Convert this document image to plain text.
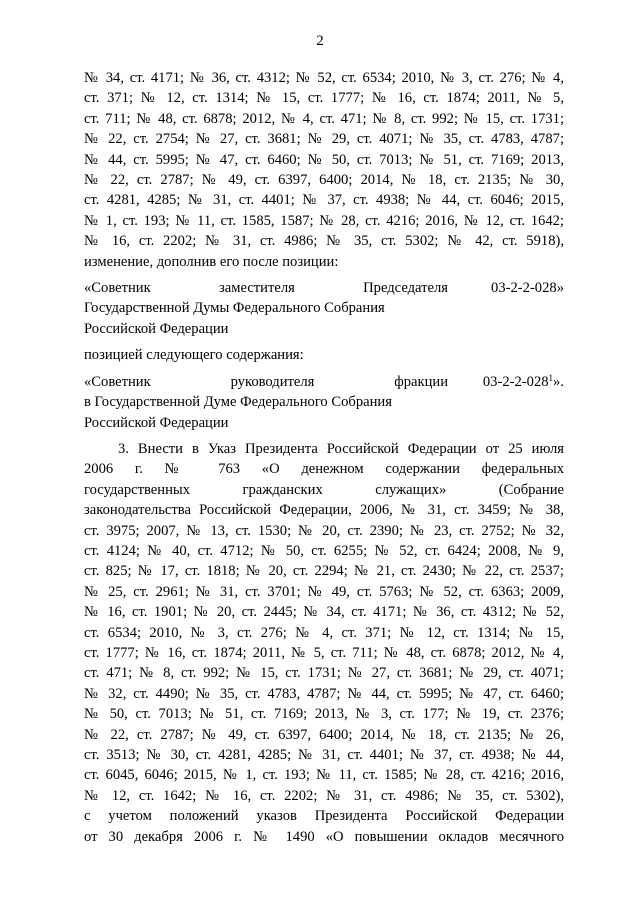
2
№ 34, ст. 4171; № 36, ст. 4312; № 52, ст. 6534; 2010, № 3, ст. 276; № 4,
ст. 371; № 12, ст. 1314; № 15, ст. 1777; № 16, ст. 1874; 2011, № 5,
ст. 711; № 48, ст. 6878; 2012, № 4, ст. 471; № 8, ст. 992; № 15, ст. 1731;
№ 22, ст. 2754; № 27, ст. 3681; № 29, ст. 4071; № 35, ст. 4783, 4787;
№ 44, ст. 5995; № 47, ст. 6460; № 50, ст. 7013; № 51, ст. 7169; 2013,
№ 22, ст. 2787; № 49, ст. 6397, 6400; 2014, № 18, ст. 2135; № 30,
ст. 4281, 4285; № 31, ст. 4401; № 37, ст. 4938; № 44, ст. 6046; 2015,
№ 1, ст. 193; № 11, ст. 1585, 1587; № 28, ст. 4216; 2016, № 12, ст. 1642;
№ 16, ст. 2202; № 31, ст. 4986; № 35, ст. 5302; № 42, ст. 5918),
изменение, дополнив его после позиции:
«Советник заместителя Председателя
Государственной Думы Федерального Собрания
Российской Федерации
03-2-2-028»
позицией следующего содержания:
«Советник руководителя фракции
в Государственной Думе Федерального Собрания
Российской Федерации
$03-2-2-028^1$».
3. Внести в Указ Президента Российской Федерации от 25 июля
2006 г. № 763 «О денежном содержании федеральных
государственных гражданских служащих» (Собрание
законодательства Российской Федерации, 2006, № 31, ст. 3459; № 38,
ст. 3975; 2007, № 13, ст. 1530; № 20, ст. 2390; № 23, ст. 2752; № 32,
ст. 4124; № 40, ст. 4712; № 50, ст. 6255; № 52, ст. 6424; 2008, № 9,
ст. 825; № 17, ст. 1818; № 20, ст. 2294; № 21, ст. 2430; № 22, ст. 2537;
№ 25, ст. 2961; № 31, ст. 3701; № 49, ст. 5763; № 52, ст. 6363; 2009,
№ 16, ст. 1901; № 20, ст. 2445; № 34, ст. 4171; № 36, ст. 4312; № 52,
ст. 6534; 2010, № 3, ст. 276; № 4, ст. 371; № 12, ст. 1314; № 15,
ст. 1777; № 16, ст. 1874; 2011, № 5, ст. 711; № 48, ст. 6878; 2012, № 4,
ст. 471; № 8, ст. 992; № 15, ст. 1731; № 27, ст. 3681; № 29, ст. 4071;
№ 32, ст. 4490; № 35, ст. 4783, 4787; № 44, ст. 5995; № 47, ст. 6460;
№ 50, ст. 7013; № 51, ст. 7169; 2013, № 3, ст. 177; № 19, ст. 2376;
№ 22, ст. 2787; № 49, ст. 6397, 6400; 2014, № 18, ст. 2135; № 26,
ст. 3513; № 30, ст. 4281, 4285; № 31, ст. 4401; № 37, ст. 4938; № 44,
ст. 6045, 6046; 2015, № 1, ст. 193; № 11, ст. 1585; № 28, ст. 4216; 2016,
№ 12, ст. 1642; № 16, ст. 2202; № 31, ст. 4986; № 35, ст. 5302),
с учетом положений указов Президента Российской Федерации
от 30 декабря 2006 г. № 1490 «О повышении окладов месячного
